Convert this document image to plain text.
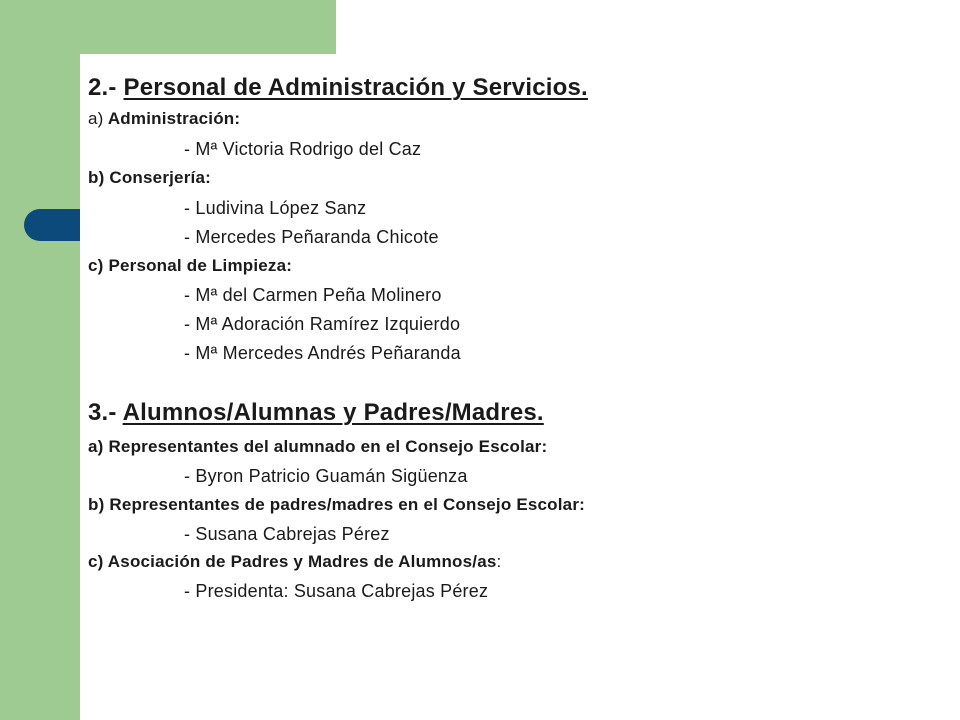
2.- Personal de Administración y Servicios.
a) Administración:
- Mª Victoria Rodrigo del Caz
b) Conserjería:
- Ludivina López Sanz
- Mercedes Peñaranda Chicote
c) Personal de Limpieza:
- Mª del Carmen Peña Molinero
- Mª Adoración Ramírez Izquierdo
- Mª Mercedes Andrés Peñaranda
3.- Alumnos/Alumnas y Padres/Madres.
a) Representantes del alumnado en el Consejo Escolar:
- Byron Patricio Guamán Sigüenza
b) Representantes de padres/madres en el Consejo Escolar:
- Susana Cabrejas Pérez
c) Asociación de Padres y Madres de Alumnos/as:
- Presidenta: Susana Cabrejas Pérez
